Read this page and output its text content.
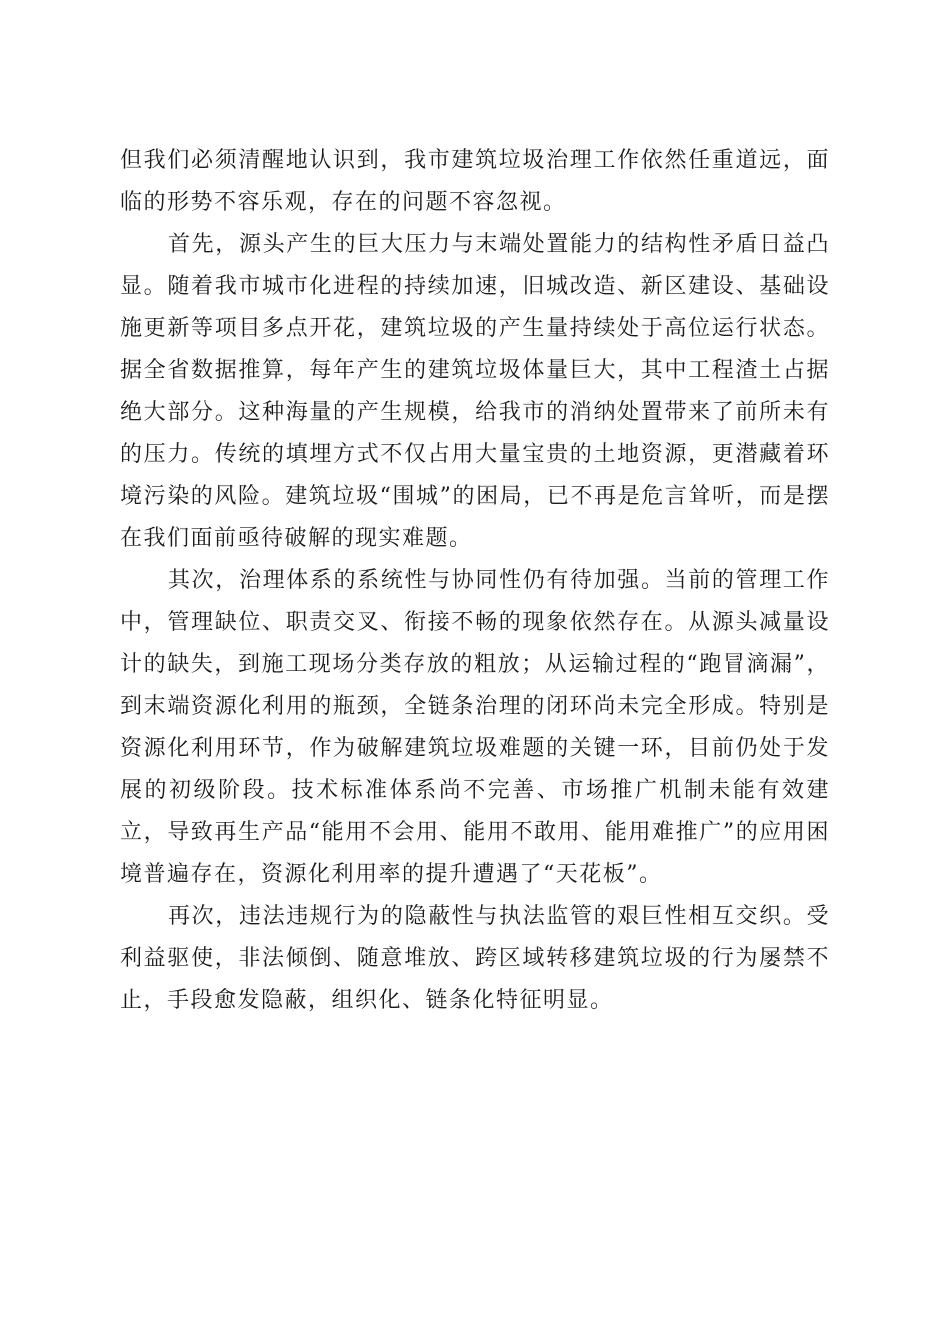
但我们必须清醒地认识到，我市建筑垃圾治理工作依然任重道远，面临的形势不容乐观，存在的问题不容忽视。

首先，源头产生的巨大压力与末端处置能力的结构性矛盾日益凸显。随着我市城市化进程的持续加速，旧城改造、新区建设、基础设施更新等项目多点开花，建筑垃圾的产生量持续处于高位运行状态。据全省数据推算，每年产生的建筑垃圾体量巨大，其中工程渣土占据绝大部分。这种海量的产生规模，给我市的消纳处置带来了前所未有的压力。传统的填埋方式不仅占用大量宝贵的土地资源，更潜藏着环境污染的风险。建筑垃圾“围城”的困局，已不再是危言耸听，而是摆在我们面前亟待破解的现实难题。

其次，治理体系的系统性与协同性仍有待加强。当前的管理工作中，管理缺位、职责交叉、衔接不畅的现象依然存在。从源头减量设计的缺失，到施工现场分类存放的粗放；从运输过程的“跑冒滴漏”，到末端资源化利用的瓶颈，全链条治理的闭环尚未完全形成。特别是资源化利用环节，作为破解建筑垃圾难题的关键一环，目前仍处于发展的初级阶段。技术标准体系尚不完善、市场推广机制未能有效建立，导致再生产品“能用不会用、能用不敢用、能用难推广”的应用困境普遍存在，资源化利用率的提升遭遇了“天花板”。

再次，违法违规行为的隐蔽性与执法监管的艰巨性相互交织。受利益驱使，非法倾倒、随意堆放、跨区域转移建筑垃圾的行为屡禁不止，手段愈发隐蔽，组织化、链条化特征明显。
